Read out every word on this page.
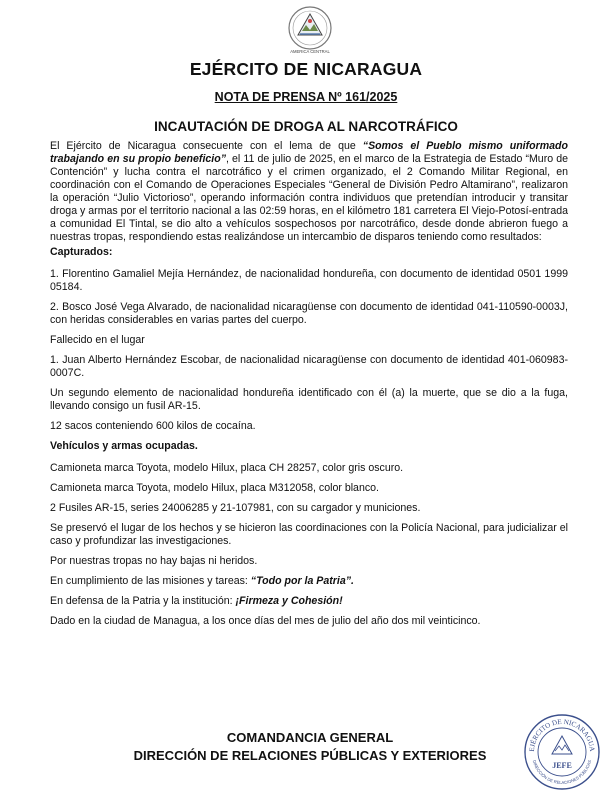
AMERICA CENTRAL
EJÉRCITO DE NICARAGUA
NOTA DE PRENSA Nº 161/2025
INCAUTACIÓN DE DROGA AL NARCOTRÁFICO

El Ejército de Nicaragua consecuente con el lema de que “Somos el Pueblo mismo uniformado trabajando en su propio beneficio”, el 11 de julio de 2025, en el marco de la Estrategia de Estado “Muro de Contención” y lucha contra el narcotráfico y el crimen organizado, el 2 Comando Militar Regional, en coordinación con el Comando de Operaciones Especiales “General de División Pedro Altamirano”, realizaron la operación “Julio Victorioso”, operando información contra individuos que pretendían introducir y transitar droga y armas por el territorio nacional a las 02:59 horas, en el kilómetro 181 carretera El Viejo-Potosí-entrada a comunidad El Tintal, se dio alto a vehículos sospechosos por narcotráfico, desde donde abrieron fuego a nuestras tropas, respondiendo estas realizándose un intercambio de disparos teniendo como resultados:

Capturados:

1. Florentino Gamaliel Mejía Hernández, de nacionalidad hondureña, con documento de identidad 0501 1999 05184.

2. Bosco José Vega Alvarado, de nacionalidad nicaragüense con documento de identidad 041-110590-0003J, con heridas considerables en varias partes del cuerpo.

Fallecido en el lugar

1. Juan Alberto Hernández Escobar, de nacionalidad nicaragüense con documento de identidad 401-060983-0007C.

Un segundo elemento de nacionalidad hondureña identificado con él (a) la muerte, que se dio a la fuga, llevando consigo un fusil AR-15.

12 sacos conteniendo 600 kilos de cocaína.

Vehículos y armas ocupadas.

Camioneta marca Toyota, modelo Hilux, placa CH 28257, color gris oscuro.

Camioneta marca Toyota, modelo Hilux, placa M312058, color blanco.

2 Fusiles AR-15, series 24006285 y 21-107981, con su cargador y municiones.

Se preservó el lugar de los hechos y se hicieron las coordinaciones con la Policía Nacional, para judicializar el caso y profundizar las investigaciones.

Por nuestras tropas no hay bajas ni heridos.

En cumplimiento de las misiones y tareas: “Todo por la Patria”.

En defensa de la Patria y la institución: ¡Firmeza y Cohesión!

Dado en la ciudad de Managua, a los once días del mes de julio del año dos mil veinticinco.

COMANDANCIA GENERAL
DIRECCIÓN DE RELACIONES PÚBLICAS Y EXTERIORES	EJÉRCITO DE NICARAGUA
DIRECCIÓN DE RELACIONES PÚBLICAS
JEFE
